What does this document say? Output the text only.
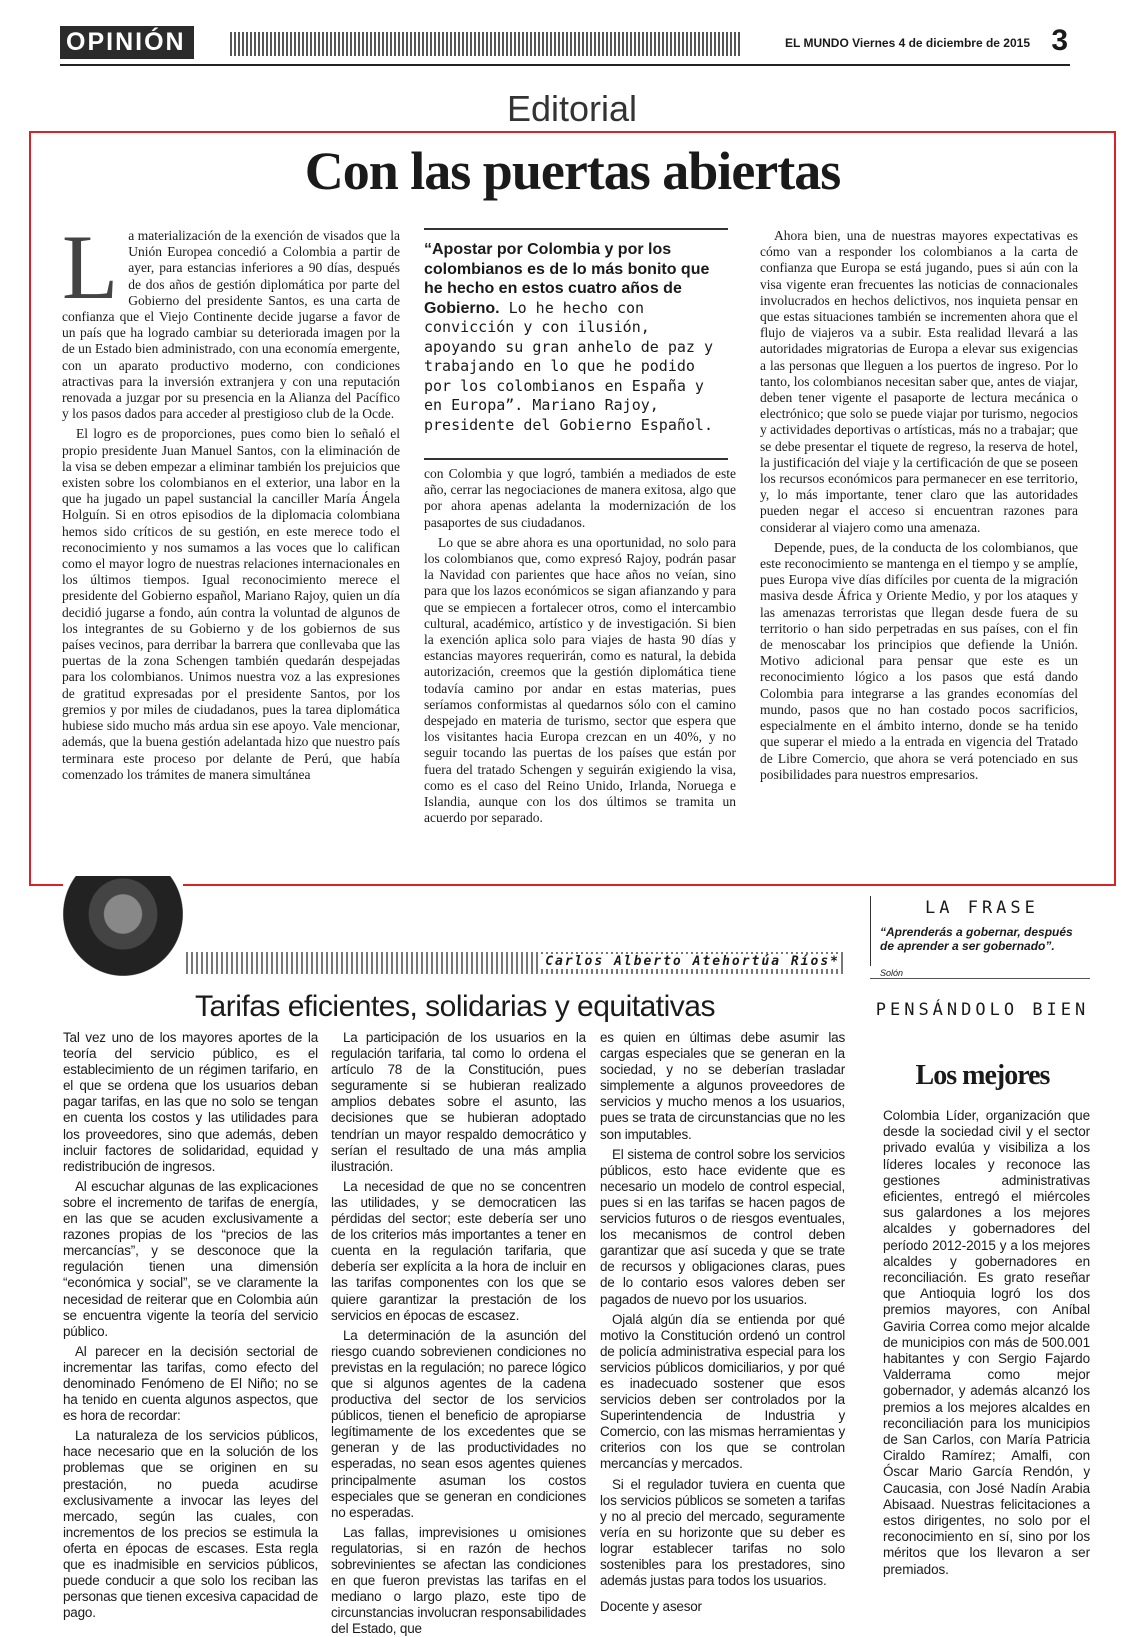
OPINIÓN	EL MUNDO Viernes 4 de diciembre de 2015 3
Editorial
Con las puertas abiertas
L a materialización de la exención de visados que la Unión Europea concedió a Colombia a partir de ayer, para estancias inferiores a 90 días, después de dos años de gestión diplomática por parte del Gobierno del presidente Santos, es una carta de confianza que el Viejo Continente decide jugarse a favor de un país que ha logrado cambiar su deteriorada imagen por la de un Estado bien administrado, con una economía emergente, con un aparato productivo moderno, con condiciones atractivas para la inversión extranjera y con una reputación renovada a juzgar por su presencia en la Alianza del Pacífico y los pasos dados para acceder al prestigioso club de la Ocde.

El logro es de proporciones, pues como bien lo señaló el propio presidente Juan Manuel Santos, con la eliminación de la visa se deben empezar a eliminar también los prejuicios que existen sobre los colombianos en el exterior, una labor en la que ha jugado un papel sustancial la canciller María Ángela Holguín. Si en otros episodios de la diplomacia colombiana hemos sido críticos de su gestión, en este merece todo el reconocimiento y nos sumamos a las voces que lo califican como el mayor logro de nuestras relaciones internacionales en los últimos tiempos. Igual reconocimiento merece el presidente del Gobierno español, Mariano Rajoy, quien un día decidió jugarse a fondo, aún contra la voluntad de algunos de los integrantes de su Gobierno y de los gobiernos de sus países vecinos, para derribar la barrera que conllevaba que las puertas de la zona Schengen también quedarán despejadas para los colombianos. Unimos nuestra voz a las expresiones de gratitud expresadas por el presidente Santos, por los gremios y por miles de ciudadanos, pues la tarea diplomática hubiese sido mucho más ardua sin ese apoyo. Vale mencionar, además, que la buena gestión adelantada hizo que nuestro país terminara este proceso por delante de Perú, que había comenzado los trámites de manera simultánea

“Apostar por Colombia y por los colombianos es de lo más bonito que he hecho en estos cuatro años de Gobierno. Lo he hecho con convicción y con ilusión, apoyando su gran anhelo de paz y trabajando en lo que he podido por los colombianos en España y en Europa”. Mariano Rajoy, presidente del Gobierno Español.

con Colombia y que logró, también a mediados de este año, cerrar las negociaciones de manera exitosa, algo que por ahora apenas adelanta la modernización de los pasaportes de sus ciudadanos.

Lo que se abre ahora es una oportunidad, no solo para los colombianos que, como expresó Rajoy, podrán pasar la Navidad con parientes que hace años no veían, sino para que los lazos económicos se sigan afianzando y para que se empiecen a fortalecer otros, como el intercambio cultural, académico, artístico y de investigación. Si bien la exención aplica solo para viajes de hasta 90 días y estancias mayores requerirán, como es natural, la debida autorización, creemos que la gestión diplomática tiene todavía camino por andar en estas materias, pues seríamos conformistas al quedarnos sólo con el camino despejado en materia de turismo, sector que espera que los visitantes hacia Europa crezcan en un 40%, y no seguir tocando las puertas de los países que están por fuera del tratado Schengen y seguirán exigiendo la visa, como es el caso del Reino Unido, Irlanda, Noruega e Islandia, aunque con los dos últimos se tramita un acuerdo por separado.

Ahora bien, una de nuestras mayores expectativas es cómo van a responder los colombianos a la carta de confianza que Europa se está jugando, pues si aún con la visa vigente eran frecuentes las noticias de connacionales involucrados en hechos delictivos, nos inquieta pensar en que estas situaciones también se incrementen ahora que el flujo de viajeros va a subir. Esta realidad llevará a las autoridades migratorias de Europa a elevar sus exigencias a las personas que lleguen a los puertos de ingreso. Por lo tanto, los colombianos necesitan saber que, antes de viajar, deben tener vigente el pasaporte de lectura mecánica o electrónico; que solo se puede viajar por turismo, negocios y actividades deportivas o artísticas, más no a trabajar; que se debe presentar el tiquete de regreso, la reserva de hotel, la justificación del viaje y la certificación de que se poseen los recursos económicos para permanecer en ese territorio, y, lo más importante, tener claro que las autoridades pueden negar el acceso si encuentran razones para considerar al viajero como una amenaza.

Depende, pues, de la conducta de los colombianos, que este reconocimiento se mantenga en el tiempo y se amplíe, pues Europa vive días difíciles por cuenta de la migración masiva desde África y Oriente Medio, y por los ataques y las amenazas terroristas que llegan desde fuera de su territorio o han sido perpetradas en sus países, con el fin de menoscabar los principios que defiende la Unión. Motivo adicional para pensar que este es un reconocimiento lógico a los pasos que está dando Colombia para integrarse a las grandes economías del mundo, pasos que no han costado pocos sacrificios, especialmente en el ámbito interno, donde se ha tenido que superar el miedo a la entrada en vigencia del Tratado de Libre Comercio, que ahora se verá potenciado en sus posibilidades para nuestros empresarios.

Carlos Alberto Atehortúa Ríos*
Tarifas eficientes, solidarias y equitativas

Tal vez uno de los mayores aportes de la teoría del servicio público, es el establecimiento de un régimen tarifario, en el que se ordena que los usuarios deban pagar tarifas, en las que no solo se tengan en cuenta los costos y las utilidades para los proveedores, sino que además, deben incluir factores de solidaridad, equidad y redistribución de ingresos.

Al escuchar algunas de las explicaciones sobre el incremento de tarifas de energía, en las que se acuden exclusivamente a razones propias de los “precios de las mercancías”, y se desconoce que la regulación tienen una dimensión “económica y social”, se ve claramente la necesidad de reiterar que en Colombia aún se encuentra vigente la teoría del servicio público.

Al parecer en la decisión sectorial de incrementar las tarifas, como efecto del denominado Fenómeno de El Niño; no se ha tenido en cuenta algunos aspectos, que es hora de recordar:

La naturaleza de los servicios públicos, hace necesario que en la solución de los problemas que se originen en su prestación, no pueda acudirse exclusivamente a invocar las leyes del mercado, según las cuales, con incrementos de los precios se estimula la oferta en épocas de escases. Esta regla que es inadmisible en servicios públicos, puede conducir a que solo los reciban las personas que tienen excesiva capacidad de pago.

La participación de los usuarios en la regulación tarifaria, tal como lo ordena el artículo 78 de la Constitución, pues seguramente si se hubieran realizado amplios debates sobre el asunto, las decisiones que se hubieran adoptado tendrían un mayor respaldo democrático y serían el resultado de una más amplia ilustración.

La necesidad de que no se concentren las utilidades, y se democraticen las pérdidas del sector; este debería ser uno de los criterios más importantes a tener en cuenta en la regulación tarifaria, que debería ser explícita a la hora de incluir en las tarifas componentes con los que se quiere garantizar la prestación de los servicios en épocas de escasez.

La determinación de la asunción del riesgo cuando sobrevienen condiciones no previstas en la regulación; no parece lógico que si algunos agentes de la cadena productiva del sector de los servicios públicos, tienen el beneficio de apropiarse legítimamente de los excedentes que se generan y de las productividades no esperadas, no sean esos agentes quienes principalmente asuman los costos especiales que se generan en condiciones no esperadas.

Las fallas, imprevisiones u omisiones regulatorias, si en razón de hechos sobrevinientes se afectan las condiciones en que fueron previstas las tarifas en el mediano o largo plazo, este tipo de circunstancias involucran responsabilidades del Estado, que

es quien en últimas debe asumir las cargas especiales que se generan en la sociedad, y no se deberían trasladar simplemente a algunos proveedores de servicios y mucho menos a los usuarios, pues se trata de circunstancias que no les son imputables.

El sistema de control sobre los servicios públicos, esto hace evidente que es necesario un modelo de control especial, pues si en las tarifas se hacen pagos de servicios futuros o de riesgos eventuales, los mecanismos de control deben garantizar que así suceda y que se trate de recursos y obligaciones claras, pues de lo contario esos valores deben ser pagados de nuevo por los usuarios.

Ojalá algún día se entienda por qué motivo la Constitución ordenó un control de policía administrativa especial para los servicios públicos domiciliarios, y por qué es inadecuado sostener que esos servicios deben ser controlados por la Superintendencia de Industria y Comercio, con las mismas herramientas y criterios con los que se controlan mercancías y mercados.

Si el regulador tuviera en cuenta que los servicios públicos se someten a tarifas y no al precio del mercado, seguramente vería en su horizonte que su deber es lograr establecer tarifas no solo sostenibles para los prestadores, sino además justas para todos los usuarios.

Docente y asesor

LA FRASE
“Aprenderás a gobernar, después de aprender a ser gobernado”.
Solón
PENSÁNDOLO BIEN
Los mejores
Colombia Líder, organización que desde la sociedad civil y el sector privado evalúa y visibiliza a los líderes locales y reconoce las gestiones administrativas eficientes, entregó el miércoles sus galardones a los mejores alcaldes y gobernadores del período 2012-2015 y a los mejores alcaldes y gobernadores en reconciliación. Es grato reseñar que Antioquia logró los dos premios mayores, con Aníbal Gaviria Correa como mejor alcalde de municipios con más de 500.001 habitantes y con Sergio Fajardo Valderrama como mejor gobernador, y además alcanzó los premios a los mejores alcaldes en reconciliación para los municipios de San Carlos, con María Patricia Ciraldo Ramírez; Amalfi, con Óscar Mario García Rendón, y Caucasia, con José Nadín Arabia Abisaad. Nuestras felicitaciones a estos dirigentes, no solo por el reconocimiento en sí, sino por los méritos que los llevaron a ser premiados.
